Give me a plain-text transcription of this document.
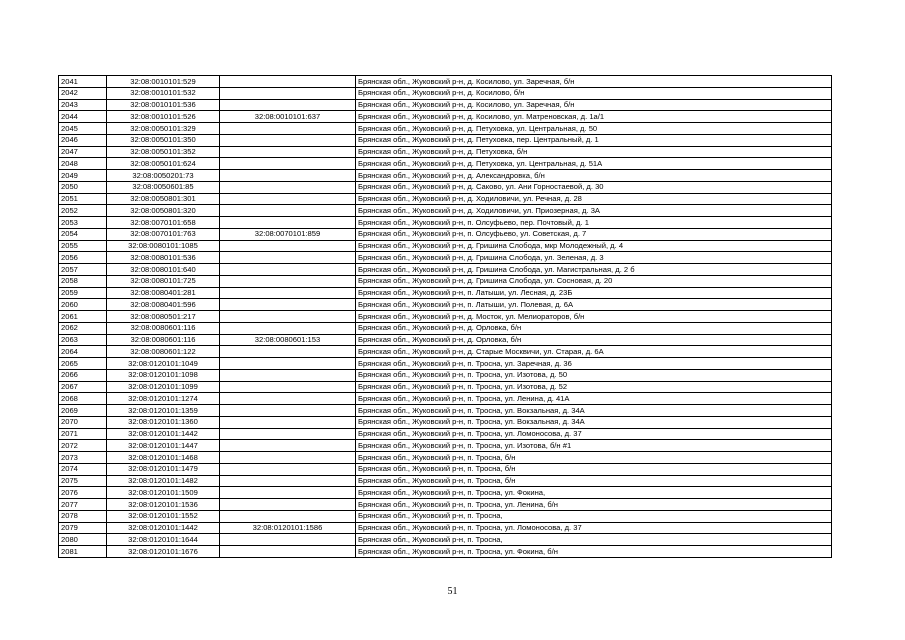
2041	32:08:0010101:529		Брянская обл., Жуковский р-н, д. Косилово, ул. Заречная, б/н
2042	32:08:0010101:532		Брянская обл., Жуковский р-н, д. Косилово, б/н
2043	32:08:0010101:536		Брянская обл., Жуковский р-н, д. Косилово, ул. Заречная, б/н
2044	32:08:0010101:526	32:08:0010101:637	Брянская обл., Жуковский р-н, д. Косилово, ул. Матреновская, д. 1а/1
2045	32:08:0050101:329		Брянская обл., Жуковский р-н, д. Петуховка, ул. Центральная, д. 50
2046	32:08:0050101:350		Брянская обл., Жуковский р-н, д. Петуховка, пер. Центральный, д. 1
2047	32:08:0050101:352		Брянская обл., Жуковский р-н, д. Петуховка, б/н
2048	32:08:0050101:624		Брянская обл., Жуковский р-н, д. Петуховка, ул. Центральная, д. 51А
2049	32:08:0050201:73		Брянская обл., Жуковский р-н, д. Александровка, б/н
2050	32:08:0050601:85		Брянская обл., Жуковский р-н, д. Саково, ул. Ани Горностаевой, д. 30
2051	32:08:0050801:301		Брянская обл., Жуковский р-н, д. Ходиловичи, ул. Речная, д. 28
2052	32:08:0050801:320		Брянская обл., Жуковский р-н, д. Ходиловичи, ул. Приозерная, д. 3А
2053	32:08:0070101:658		Брянская обл., Жуковский р-н, п. Олсуфьево, пер. Почтовый, д. 1
2054	32:08:0070101:763	32:08:0070101:859	Брянская обл., Жуковский р-н, п. Олсуфьево, ул. Советская, д. 7
2055	32:08:0080101:1085		Брянская обл., Жуковский р-н, д. Гришина Слобода, мкр Молодежный, д. 4
2056	32:08:0080101:536		Брянская обл., Жуковский р-н, д. Гришина Слобода, ул. Зеленая, д. 3
2057	32:08:0080101:640		Брянская обл., Жуковский р-н, д. Гришина Слобода, ул. Магистральная, д. 2 б
2058	32:08:0080101:725		Брянская обл., Жуковский р-н, д. Гришина Слобода, ул. Сосновая, д. 20
2059	32:08:0080401:281		Брянская обл., Жуковский р-н, п. Латыши, ул. Лесная, д. 23Б
2060	32:08:0080401:596		Брянская обл., Жуковский р-н, п. Латыши, ул. Полевая, д. 6А
2061	32:08:0080501:217		Брянская обл., Жуковский р-н, д. Мосток, ул. Мелиораторов, б/н
2062	32:08:0080601:116		Брянская обл., Жуковский р-н, д. Орловка, б/н
2063	32:08:0080601:116	32:08:0080601:153	Брянская обл., Жуковский р-н, д. Орловка, б/н
2064	32:08:0080601:122		Брянская обл., Жуковский р-н, д. Старые Москвичи, ул. Старая, д. 6А
2065	32:08:0120101:1049		Брянская обл., Жуковский р-н, п. Тросна, ул. Заречная, д. 36
2066	32:08:0120101:1098		Брянская обл., Жуковский р-н, п. Тросна, ул. Изотова, д. 50
2067	32:08:0120101:1099		Брянская обл., Жуковский р-н, п. Тросна, ул. Изотова, д. 52
2068	32:08:0120101:1274		Брянская обл., Жуковский р-н, п. Тросна, ул. Ленина, д. 41А
2069	32:08:0120101:1359		Брянская обл., Жуковский р-н, п. Тросна, ул. Вокзальная, д. 34А
2070	32:08:0120101:1360		Брянская обл., Жуковский р-н, п. Тросна, ул. Вокзальная, д. 34А
2071	32:08:0120101:1442		Брянская обл., Жуковский р-н, п. Тросна, ул. Ломоносова, д. 37
2072	32:08:0120101:1447		Брянская обл., Жуковский р-н, п. Тросна, ул. Изотова, б/н #1
2073	32:08:0120101:1468		Брянская обл., Жуковский р-н, п. Тросна, б/н
2074	32:08:0120101:1479		Брянская обл., Жуковский р-н, п. Тросна, б/н
2075	32:08:0120101:1482		Брянская обл., Жуковский р-н, п. Тросна, б/н
2076	32:08:0120101:1509		Брянская обл., Жуковский р-н, п. Тросна, ул. Фокина,
2077	32:08:0120101:1536		Брянская обл., Жуковский р-н, п. Тросна, ул. Ленина, б/н
2078	32:08:0120101:1552		Брянская обл., Жуковский р-н, п. Тросна,
2079	32:08:0120101:1442	32:08:0120101:1586	Брянская обл., Жуковский р-н, п. Тросна, ул. Ломоносова, д. 37
2080	32:08:0120101:1644		Брянская обл., Жуковский р-н, п. Тросна,
2081	32:08:0120101:1676		Брянская обл., Жуковский р-н, п. Тросна, ул. Фокина, б/н
51
